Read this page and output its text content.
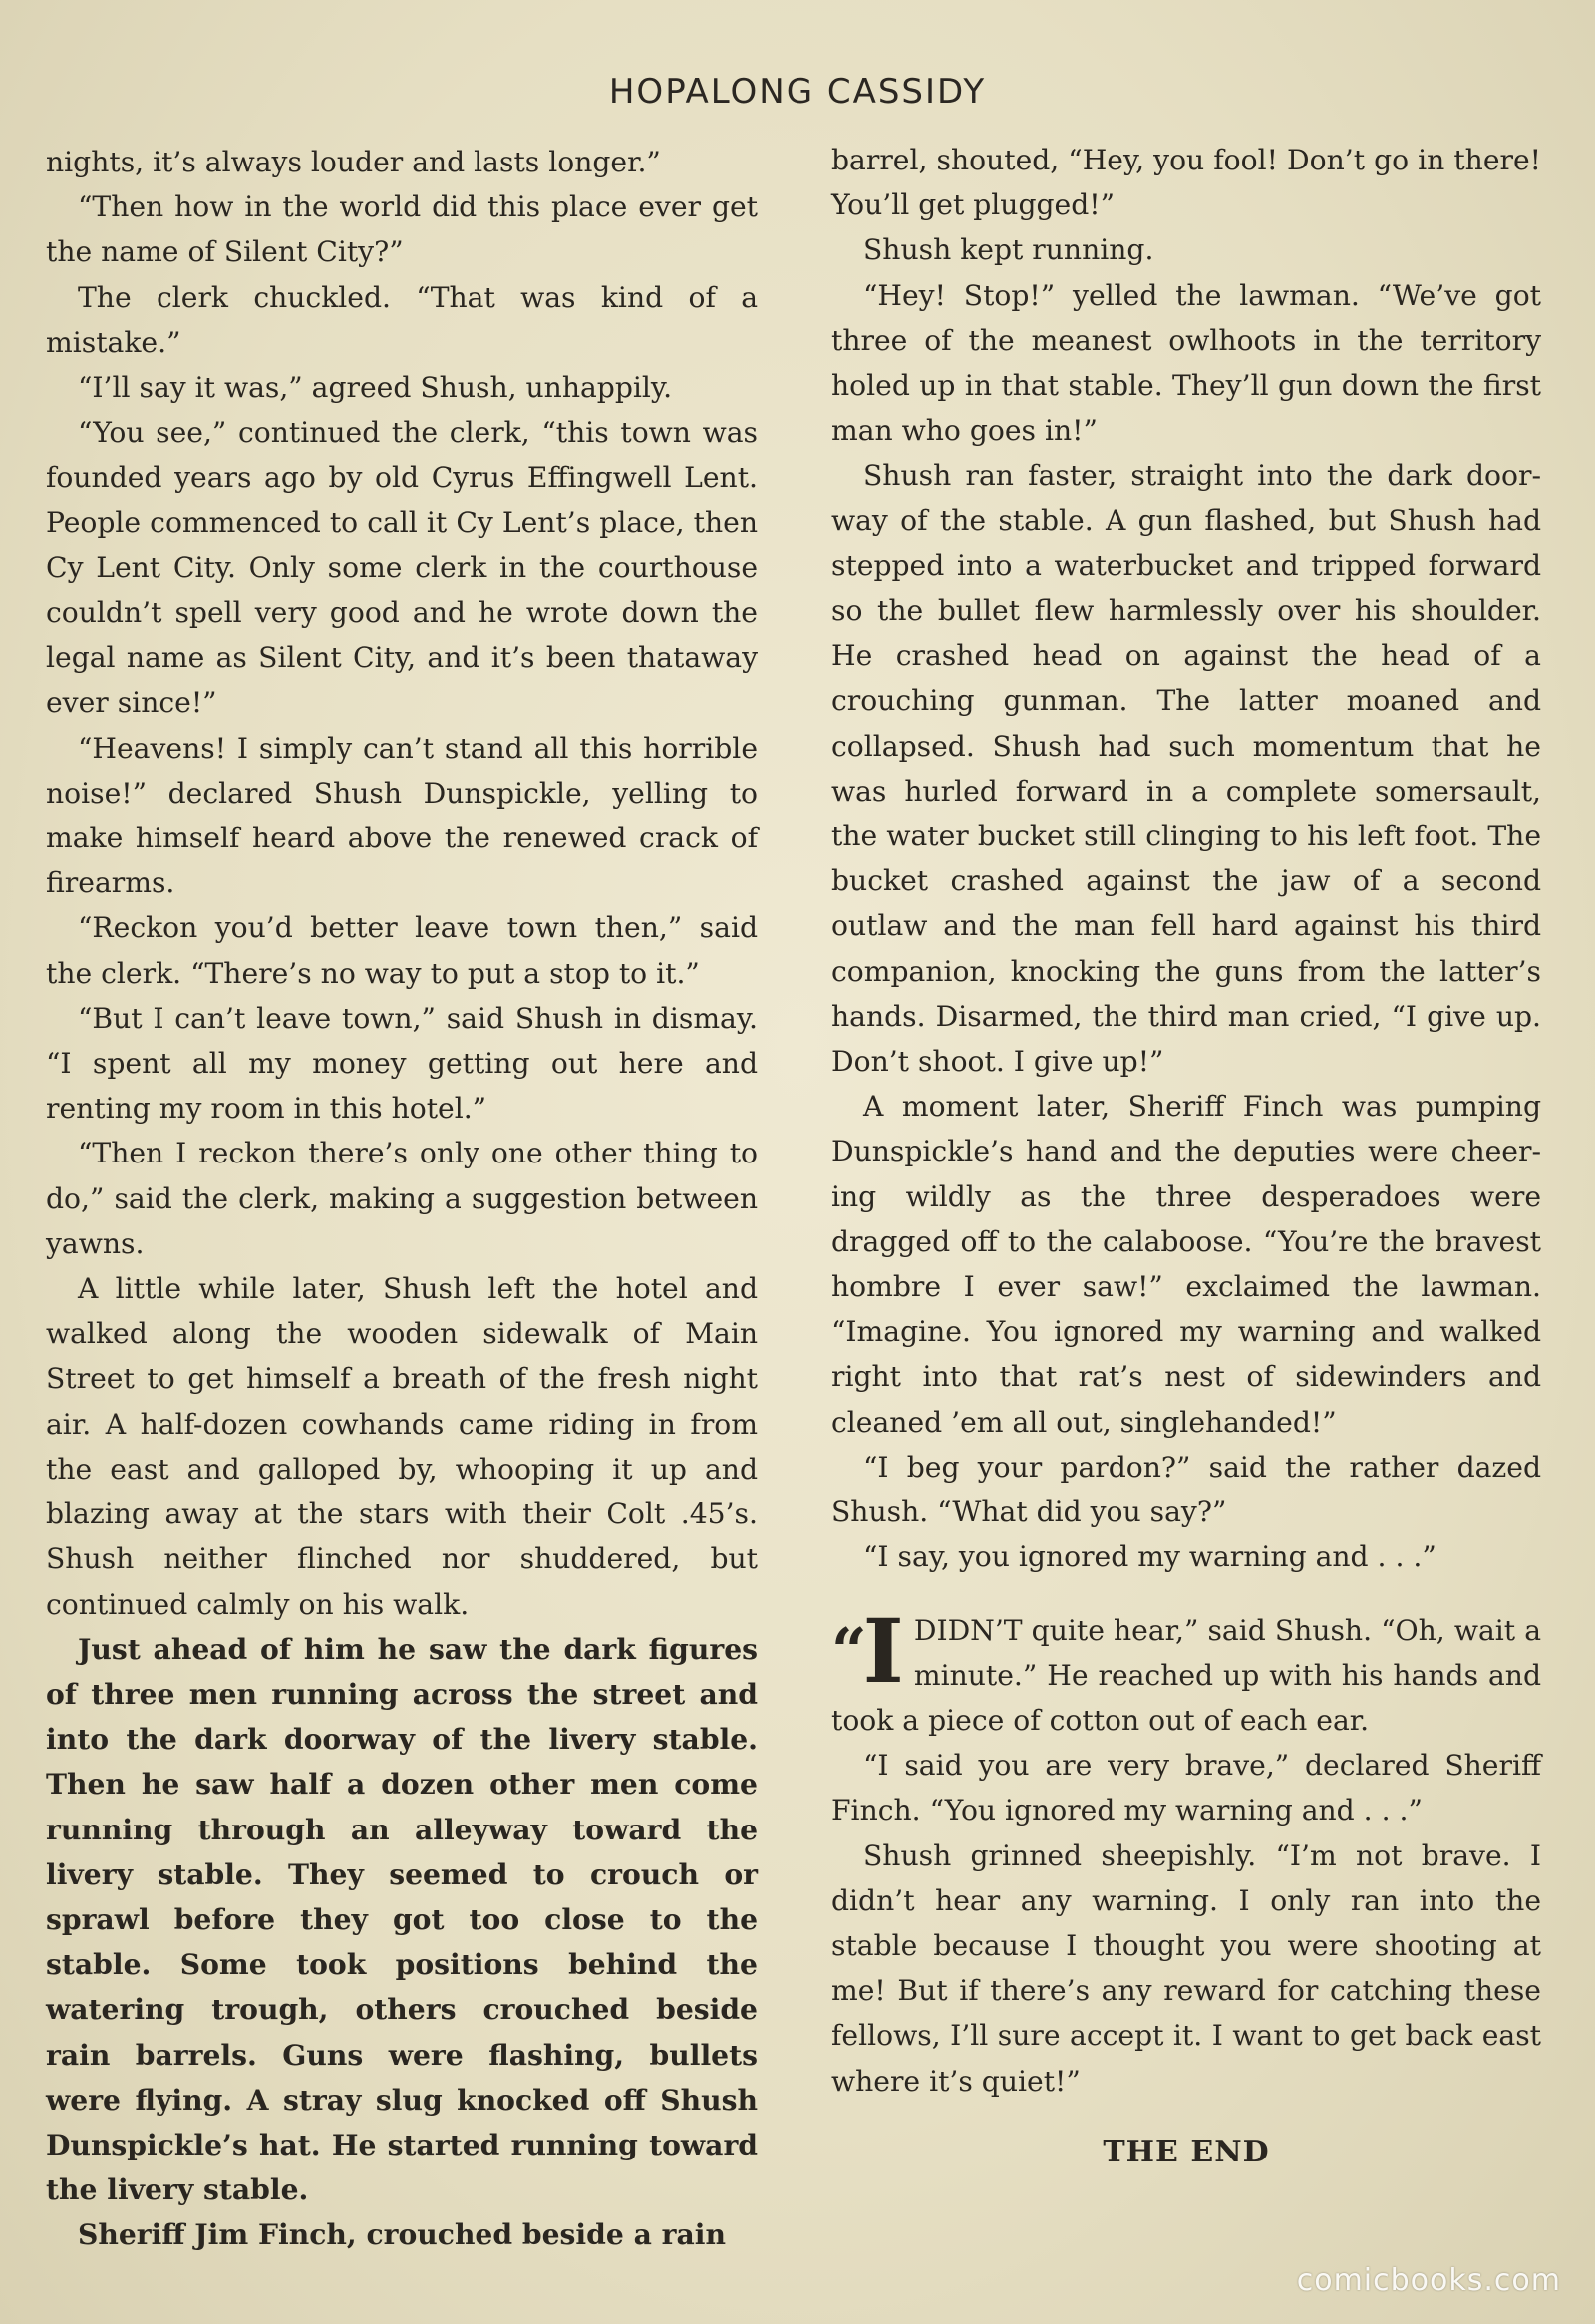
HOPALONG CASSIDY

nights, it’s always louder and lasts longer.”

“Then how in the world did this place ever get the name of Silent City?”

The clerk chuckled. “That was kind of a mistake.”

“I’ll say it was,” agreed Shush, unhappily.

“You see,” continued the clerk, “this town was founded years ago by old Cyrus Effingwell Lent. People commenced to call it Cy Lent’s place, then Cy Lent City. Only some clerk in the courthouse couldn’t spell very good and he wrote down the legal name as Silent City, and it’s been thataway ever since!”

“Heavens! I simply can’t stand all this horrible noise!” declared Shush Dunspickle, yelling to make himself heard above the renewed crack of firearms.

“Reckon you’d better leave town then,” said the clerk. “There’s no way to put a stop to it.”

“But I can’t leave town,” said Shush in dismay. “I spent all my money getting out here and renting my room in this hotel.”

“Then I reckon there’s only one other thing to do,” said the clerk, making a suggestion between yawns.

A little while later, Shush left the hotel and walked along the wooden sidewalk of Main Street to get himself a breath of the fresh night air. A half-dozen cowhands came riding in from the east and galloped by, whooping it up and blazing away at the stars with their Colt .45’s. Shush neither flinched nor shuddered, but continued calmly on his walk.

Just ahead of him he saw the dark figures of three men running across the street and into the dark doorway of the livery stable. Then he saw half a dozen other men come running through an alleyway toward the livery stable. They seemed to crouch or sprawl before they got too close to the stable. Some took positions behind the watering trough, others crouched beside rain barrels. Guns were flashing, bullets were flying. A stray slug knocked off Shush Dunspickle’s hat. He started running toward the livery stable.

Sheriff Jim Finch, crouched beside a rain

barrel, shouted, “Hey, you fool! Don’t go in there! You’ll get plugged!”

Shush kept running.

“Hey! Stop!” yelled the lawman. “We’ve got three of the meanest owlhoots in the territory holed up in that stable. They’ll gun down the first man who goes in!”

Shush ran faster, straight into the dark doorway of the stable. A gun flashed, but Shush had stepped into a waterbucket and tripped forward so the bullet flew harmlessly over his shoulder. He crashed head on against the head of a crouching gunman. The latter moaned and collapsed. Shush had such momentum that he was hurled forward in a complete somersault, the water bucket still clinging to his left foot. The bucket crashed against the jaw of a second outlaw and the man fell hard against his third companion, knocking the guns from the latter’s hands. Disarmed, the third man cried, “I give up. Don’t shoot. I give up!”

A moment later, Sheriff Finch was pumping Dunspickle’s hand and the deputies were cheering wildly as the three desperadoes were dragged off to the calaboose. “You’re the bravest hombre I ever saw!” exclaimed the lawman. “Imagine. You ignored my warning and walked right into that rat’s nest of sidewinders and cleaned ’em all out, singlehanded!”

“I beg your pardon?” said the rather dazed Shush. “What did you say?”

“I say, you ignored my warning and . . .”

“I DIDN’T quite hear,” said Shush. “Oh, wait a minute.” He reached up with his hands and took a piece of cotton out of each ear.

“I said you are very brave,” declared Sheriff Finch. “You ignored my warning and . . .”

Shush grinned sheepishly. “I’m not brave. I didn’t hear any warning. I only ran into the stable because I thought you were shooting at me! But if there’s any reward for catching these fellows, I’ll sure accept it. I want to get back east where it’s quiet!”

THE END
comicbooks.com
